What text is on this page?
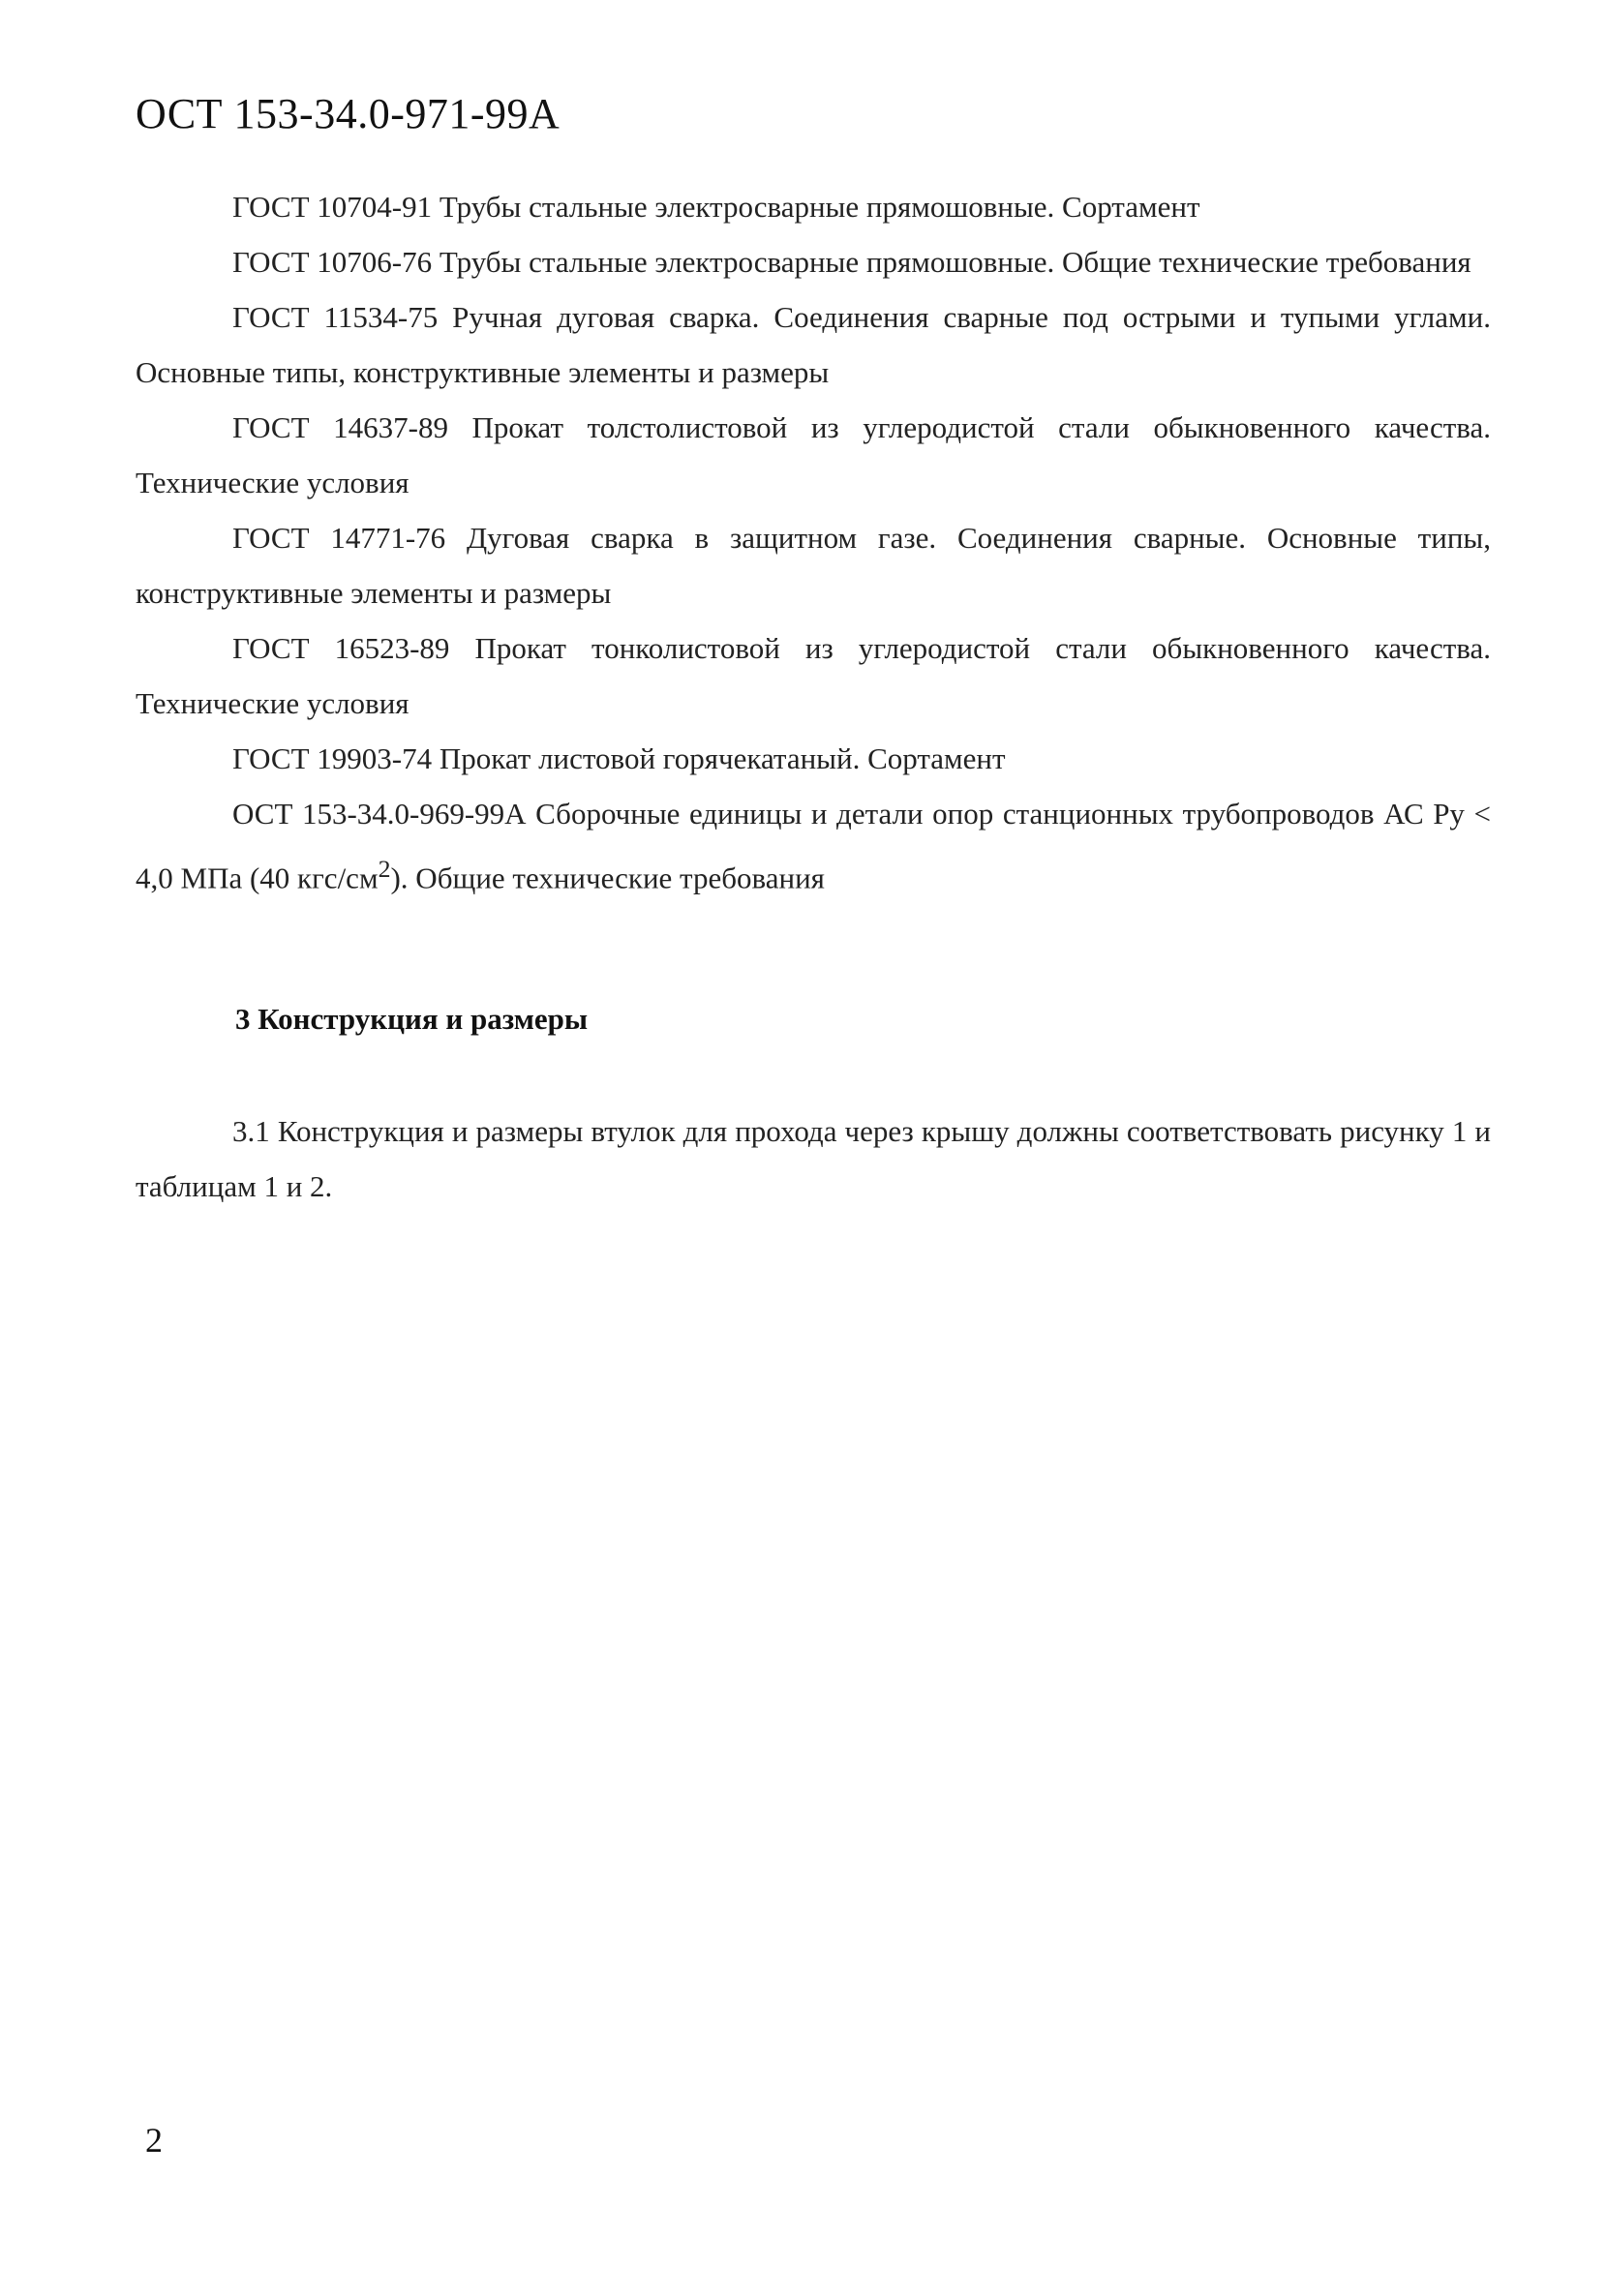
ОСТ 153-34.0-971-99А

ГОСТ 10704-91 Трубы стальные электросварные прямошовные. Сортамент

ГОСТ 10706-76 Трубы стальные электросварные прямошовные. Общие технические требования

ГОСТ 11534-75 Ручная дуговая сварка. Соединения сварные под острыми и тупыми углами. Основные типы, конструктивные элементы и размеры

ГОСТ 14637-89 Прокат толстолистовой из углеродистой стали обыкновенного качества. Технические условия

ГОСТ 14771-76 Дуговая сварка в защитном газе. Соединения сварные. Основные типы, конструктивные элементы и размеры

ГОСТ 16523-89 Прокат тонколистовой из углеродистой стали обыкновенного качества. Технические условия

ГОСТ 19903-74 Прокат листовой горячекатаный. Сортамент

ОСТ 153-34.0-969-99А Сборочные единицы и детали опор станционных трубопроводов АС Ру < 4,0 МПа (40 кгс/$см^2$). Общие технические требования

3 Конструкция и размеры

3.1 Конструкция и размеры втулок для прохода через крышу должны соответствовать рисунку 1 и таблицам 1 и 2.

2
